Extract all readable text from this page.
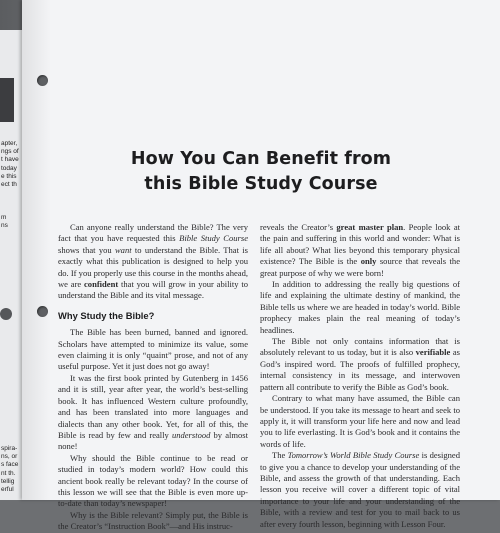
apter,
ngs of
t have
today
e this
ect th
m
ns
spira-
ns, or
s face
nt th.
tellig
erful
How You Can Benefit from
this Bible Study Course

Can anyone really understand the Bible? The very fact that you have requested this Bible Study Course shows that you want to understand the Bible. That is exactly what this publication is designed to help you do. If you properly use this course in the months ahead, we are confident that you will grow in your ability to understand the Bible and its vital message.

Why Study the Bible?

The Bible has been burned, banned and ignored. Scholars have attempted to minimize its value, some even claiming it is only “quaint” prose, and not of any useful purpose. Yet it just does not go away!

It was the first book printed by Gutenberg in 1456 and it is still, year after year, the world’s best-selling book. It has influenced Western culture profoundly, and has been translated into more languages and dialects than any other book. Yet, for all of this, the Bible is read by few and really understood by almost none!

Why should the Bible continue to be read or studied in today’s modern world? How could this ancient book really be relevant today? In the course of this lesson we will see that the Bible is even more up-to-date than today’s newspaper!

Why is the Bible relevant? Simply put, the Bible is the Creator’s “Instruction Book”—and His instruc-

reveals the Creator’s great master plan. People look at the pain and suffering in this world and wonder: What is life all about? What lies beyond this temporary physical existence? The Bible is the only source that reveals the great purpose of why we were born!

In addition to addressing the really big questions of life and explaining the ultimate destiny of mankind, the Bible tells us where we are headed in today’s world. Bible prophecy makes plain the real meaning of today’s headlines.

The Bible not only contains information that is absolutely relevant to us today, but it is also verifiable as God’s inspired word. The proofs of fulfilled prophecy, internal consistency in its message, and interwoven pattern all contribute to verify the Bible as God’s book.

Contrary to what many have assumed, the Bible can be understood. If you take its message to heart and seek to apply it, it will transform your life here and now and lead you to life everlasting. It is God’s book and it contains the words of life.

The Tomorrow’s World Bible Study Course is designed to give you a chance to develop your understanding of the Bible, and assess the growth of that understanding. Each lesson you receive will cover a different topic of vital importance to your life and your understanding of the Bible, with a review and test for you to mail back to us after every fourth lesson, beginning with Lesson Four.
